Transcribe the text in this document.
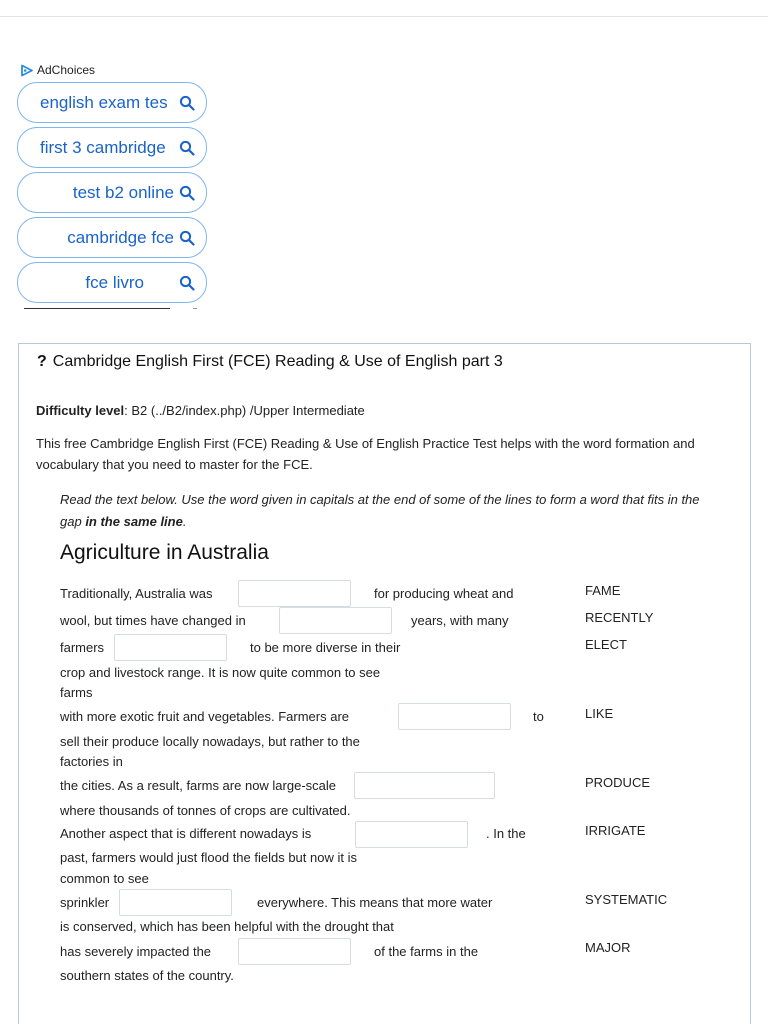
AdChoices
english exam tes
first 3 cambridge
test b2 online
cambridge fce
fce livro
? Cambridge English First (FCE) Reading & Use of English part 3
Difficulty level: B2 (../B2/index.php) /Upper Intermediate
This free Cambridge English First (FCE) Reading & Use of English Practice Test helps with the word formation and vocabulary that you need to master for the FCE.
Read the text below. Use the word given in capitals at the end of some of the lines to form a word that fits in the gap in the same line.
Agriculture in Australia
Traditionally, Australia was	for producing wheat and	FAME
wool, but times have changed in	years, with many	RECENTLY
farmers	to be more diverse in their	ELECT
crop and livestock range. It is now quite common to see
farms
with more exotic fruit and vegetables. Farmers are	to	LIKE
sell their produce locally nowadays, but rather to the
factories in
the cities. As a result, farms are now large-scale	PRODUCE
where thousands of tonnes of crops are cultivated.
Another aspect that is different nowadays is	. In the	IRRIGATE
past, farmers would just flood the fields but now it is
common to see
sprinkler	everywhere. This means that more water	SYSTEMATIC
is conserved, which has been helpful with the drought that
has severely impacted the	of the farms in the	MAJOR
southern states of the country.
